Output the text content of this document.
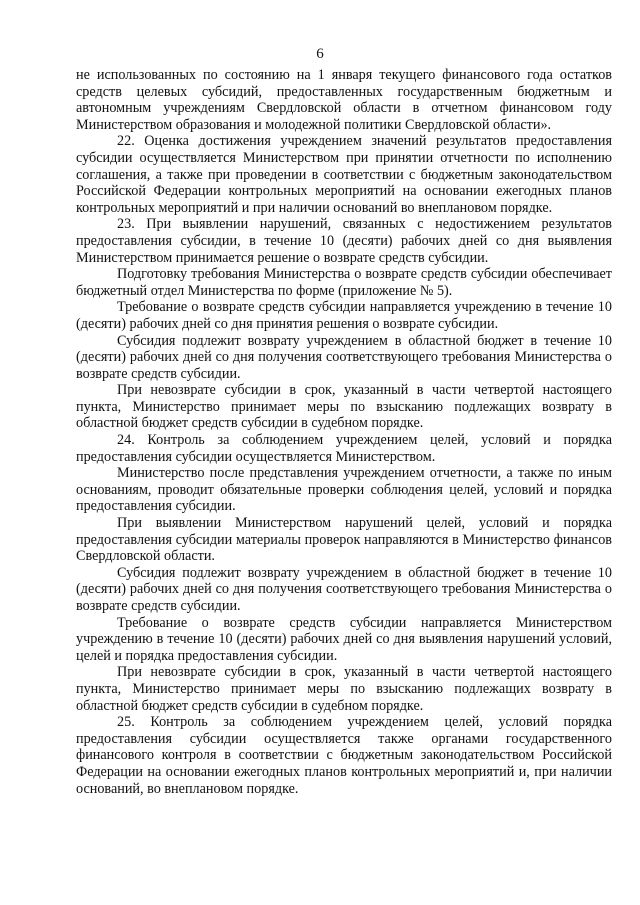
6

не использованных по состоянию на 1 января текущего финансового года остатков средств целевых субсидий, предоставленных государственным бюджетным и автономным учреждениям Свердловской области в отчетном финансовом году Министерством образования и молодежной политики Свердловской области».

22. Оценка достижения учреждением значений результатов предоставления субсидии осуществляется Министерством при принятии отчетности по исполнению соглашения, а также при проведении в соответствии с бюджетным законодательством Российской Федерации контрольных мероприятий на основании ежегодных планов контрольных мероприятий и при наличии оснований во внеплановом порядке.

23. При выявлении нарушений, связанных с недостижением результатов предоставления субсидии, в течение 10 (десяти) рабочих дней со дня выявления Министерством принимается решение о возврате средств субсидии.

Подготовку требования Министерства о возврате средств субсидии обеспечивает бюджетный отдел Министерства по форме (приложение № 5).

Требование о возврате средств субсидии направляется учреждению в течение 10 (десяти) рабочих дней со дня принятия решения о возврате субсидии.

Субсидия подлежит возврату учреждением в областной бюджет в течение 10 (десяти) рабочих дней со дня получения соответствующего требования Министерства о возврате средств субсидии.

При невозврате субсидии в срок, указанный в части четвертой настоящего пункта, Министерство принимает меры по взысканию подлежащих возврату в областной бюджет средств субсидии в судебном порядке.

24. Контроль за соблюдением учреждением целей, условий и порядка предоставления субсидии осуществляется Министерством.

Министерство после представления учреждением отчетности, а также по иным основаниям, проводит обязательные проверки соблюдения целей, условий и порядка предоставления субсидии.

При выявлении Министерством нарушений целей, условий и порядка предоставления субсидии материалы проверок направляются в Министерство финансов Свердловской области.

Субсидия подлежит возврату учреждением в областной бюджет в течение 10 (десяти) рабочих дней со дня получения соответствующего требования Министерства о возврате средств субсидии.

Требование о возврате средств субсидии направляется Министерством учреждению в течение 10 (десяти) рабочих дней со дня выявления нарушений условий, целей и порядка предоставления субсидии.

При невозврате субсидии в срок, указанный в части четвертой настоящего пункта, Министерство принимает меры по взысканию подлежащих возврату в областной бюджет средств субсидии в судебном порядке.

25. Контроль за соблюдением учреждением целей, условий порядка предоставления субсидии осуществляется также органами государственного финансового контроля в соответствии с бюджетным законодательством Российской Федерации на основании ежегодных планов контрольных мероприятий и, при наличии оснований, во внеплановом порядке.
